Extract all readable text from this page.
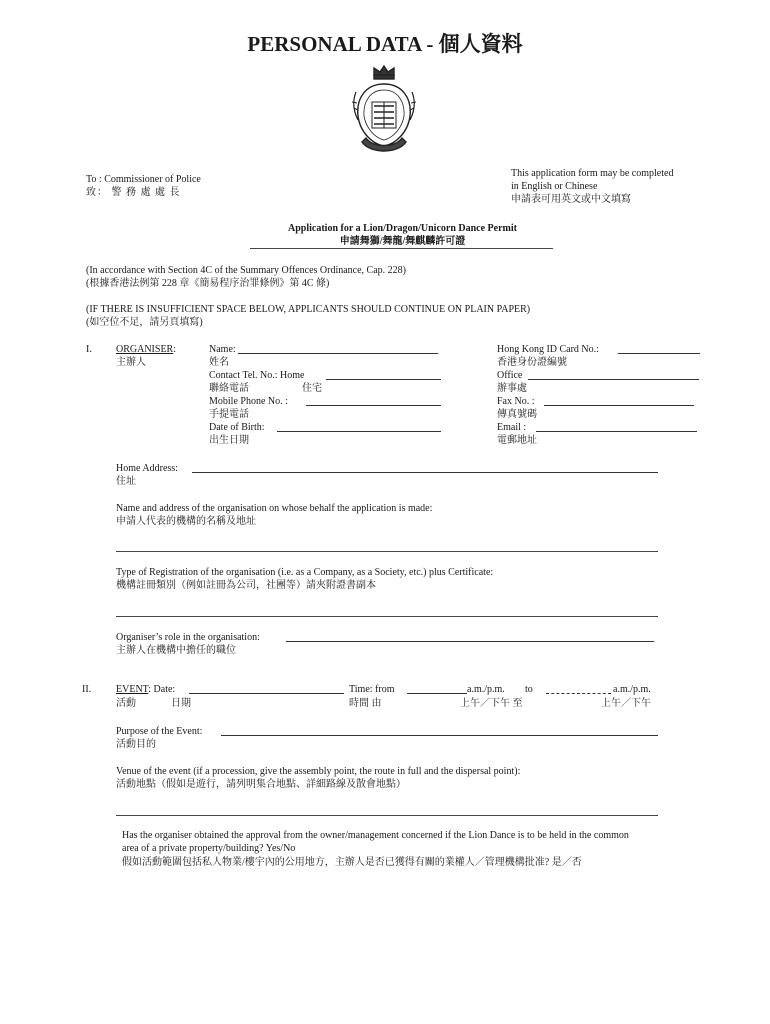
PERSONAL DATA - 個人資料
To : Commissioner of Police
致： 警 務 處 處 長
This application form may be completed
in English or Chinese
申請表可用英文或中文填寫
Application for a Lion/Dragon/Unicorn Dance Permit
申請舞獅/舞龍/舞麒麟許可證
(In accordance with Section 4C of the Summary Offences Ordinance, Cap. 228)
(根據香港法例第 228 章《簡易程序治罪條例》第 4C 條)
(IF THERE IS INSUFFICIENT SPACE BELOW, APPLICANTS SHOULD CONTINUE ON PLAIN PAPER)
(如空位不足，請另頁填寫)
I. ORGANISER:
主辦人
Name:
姓名
Contact Tel. No.: Home
聯絡電話	住宅
Mobile Phone No. :
手提電話
Date of Birth:
出生日期
Hong Kong ID Card No.:
香港身份證編號
Office
辦事處
Fax No. :
傳真號碼
Email :
電郵地址
Home Address:
住址
Name and address of the organisation on whose behalf the application is made:
申請人代表的機構的名稱及地址
Type of Registration of the organisation (i.e. as a Company, as a Society, etc.) plus Certificate:
機構註冊類別（例如註冊為公司，社團等）請夾附證書副本
Organiser’s role in the organisation:
主辦人在機構中擔任的職位
II. EVENT: Date:
活動	日期
Time: from	a.m./p.m. to	a.m./p.m.
時間 由	上午／下午 至	上午／下午
Purpose of the Event:
活動目的
Venue of the event (if a procession, give the assembly point, the route in full and the dispersal point):
活動地點（假如是遊行，請列明集合地點、詳細路線及散會地點）
Has the organiser obtained the approval from the owner/management concerned if the Lion Dance is to be held in the common
area of a private property/building? Yes/No
假如活動範圍包括私人物業/樓宇內的公用地方，主辦人是否已獲得有關的業權人／管理機構批准? 是／否
